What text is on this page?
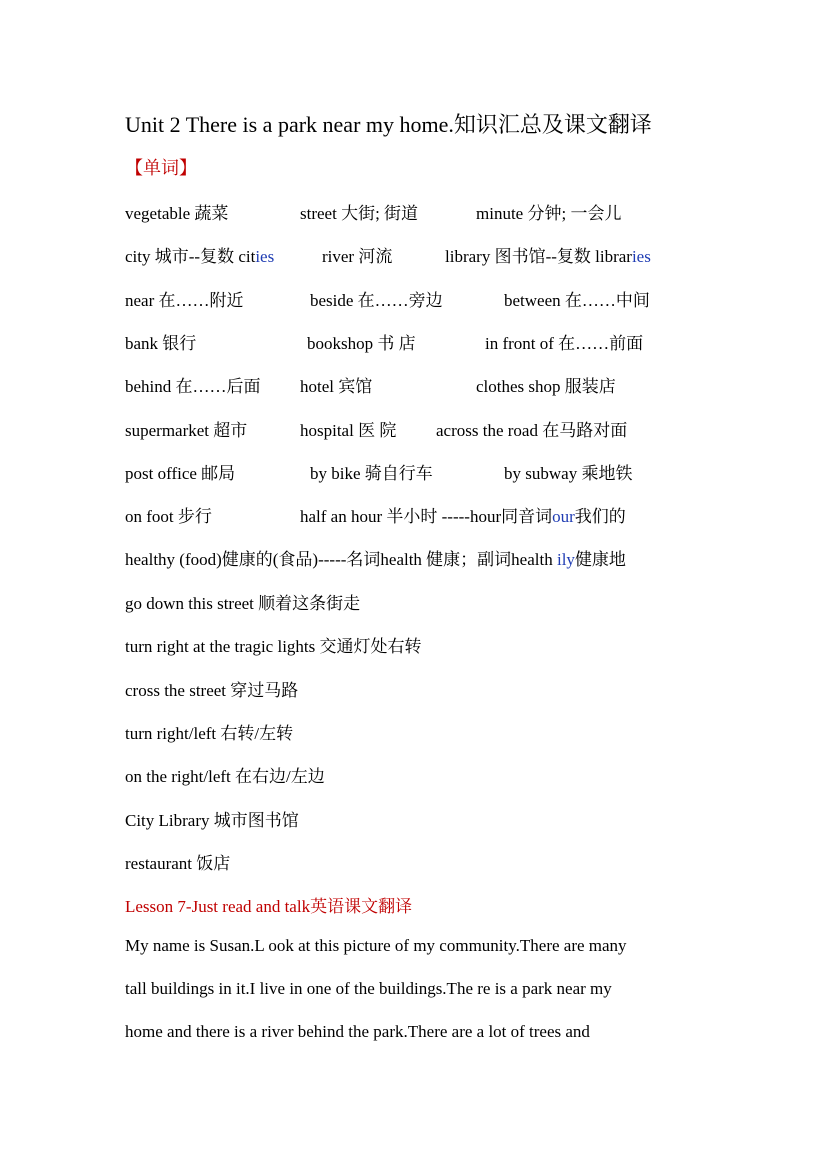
Unit 2 There is a park near my home.知识汇总及课文翻译
【单词】
vegetable 蔬菜	street 大街; 街道	minute 分钟; 一会儿
city 城市--复数 cities	river 河流	library 图书馆--复数 libraries
near 在……附近	beside 在……旁边	between 在……中间
bank 银行	bookshop 书 店	in front of 在……前面
behind 在……后面 hotel 宾馆	clothes shop 服装店
supermarket 超市	hospital 医 院 across the road 在马路对面
post office 邮局	by bike 骑自行车	by subway 乘地铁
on foot 步行	half an hour 半小时 -----hour同音词our我们的
healthy (food)健康的(食品)-----名词health 健康；副词health ily健康地
go down this street 顺着这条街走
turn right at the tragic lights 交通灯处右转
cross the street 穿过马路
turn right/left 右转/左转
on the right/left 在右边/左边
City Library 城市图书馆
restaurant 饭店
Lesson 7-Just read and talk英语课文翻译
My name is Susan.L ook at this picture of my community.There are many
tall buildings in it.I live in one of the buildings.The re is a park near my
home and there is a river behind the park.There are a lot of trees and
